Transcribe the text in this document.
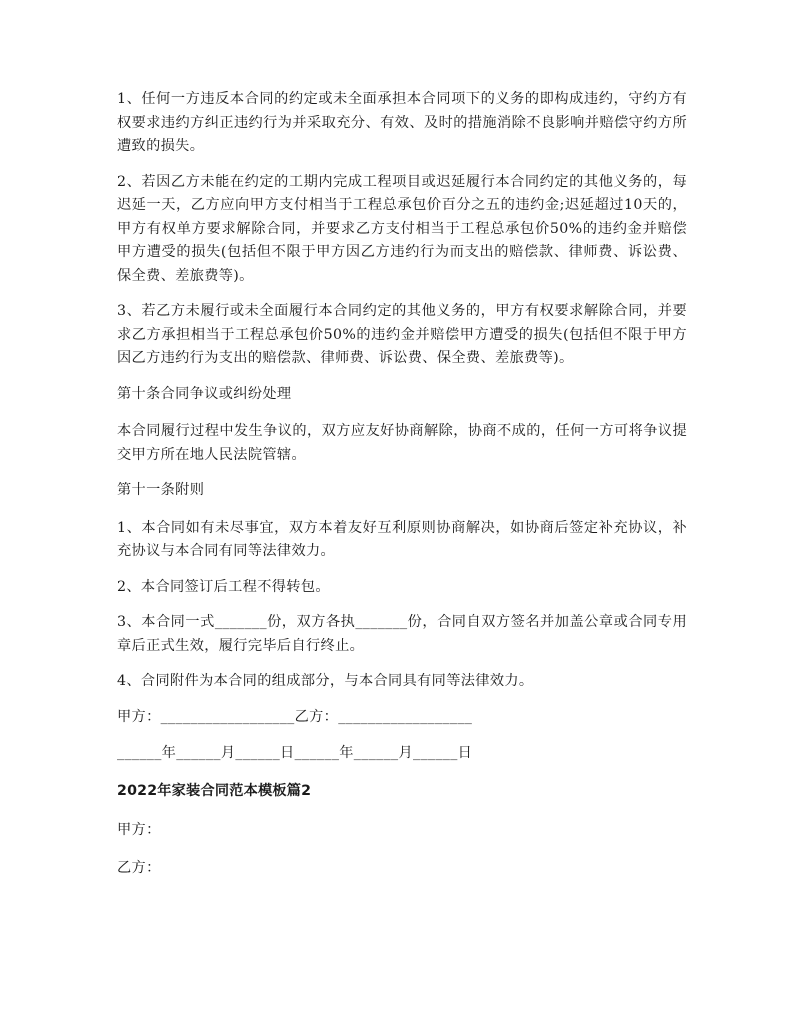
1、任何一方违反本合同的约定或未全面承担本合同项下的义务的即构成违约，守约方有权要求违约方纠正违约行为并采取充分、有效、及时的措施消除不良影响并赔偿守约方所遭致的损失。

2、若因乙方未能在约定的工期内完成工程项目或迟延履行本合同约定的其他义务的，每迟延一天，乙方应向甲方支付相当于工程总承包价百分之五的违约金;迟延超过10天的，甲方有权单方要求解除合同，并要求乙方支付相当于工程总承包价50%的违约金并赔偿甲方遭受的损失(包括但不限于甲方因乙方违约行为而支出的赔偿款、律师费、诉讼费、保全费、差旅费等)。

3、若乙方未履行或未全面履行本合同约定的其他义务的，甲方有权要求解除合同，并要求乙方承担相当于工程总承包价50%的违约金并赔偿甲方遭受的损失(包括但不限于甲方因乙方违约行为支出的赔偿款、律师费、诉讼费、保全费、差旅费等)。

第十条合同争议或纠纷处理

本合同履行过程中发生争议的，双方应友好协商解除，协商不成的，任何一方可将争议提交甲方所在地人民法院管辖。

第十一条附则

1、本合同如有未尽事宜，双方本着友好互利原则协商解决，如协商后签定补充协议，补充协议与本合同有同等法律效力。

2、本合同签订后工程不得转包。

3、本合同一式_______份，双方各执_______份，合同自双方签名并加盖公章或合同专用章后正式生效，履行完毕后自行终止。

4、合同附件为本合同的组成部分，与本合同具有同等法律效力。

甲方：__________________乙方：__________________

______年______月______日______年______月______日

2022年家装合同范本模板篇2

甲方：

乙方：
